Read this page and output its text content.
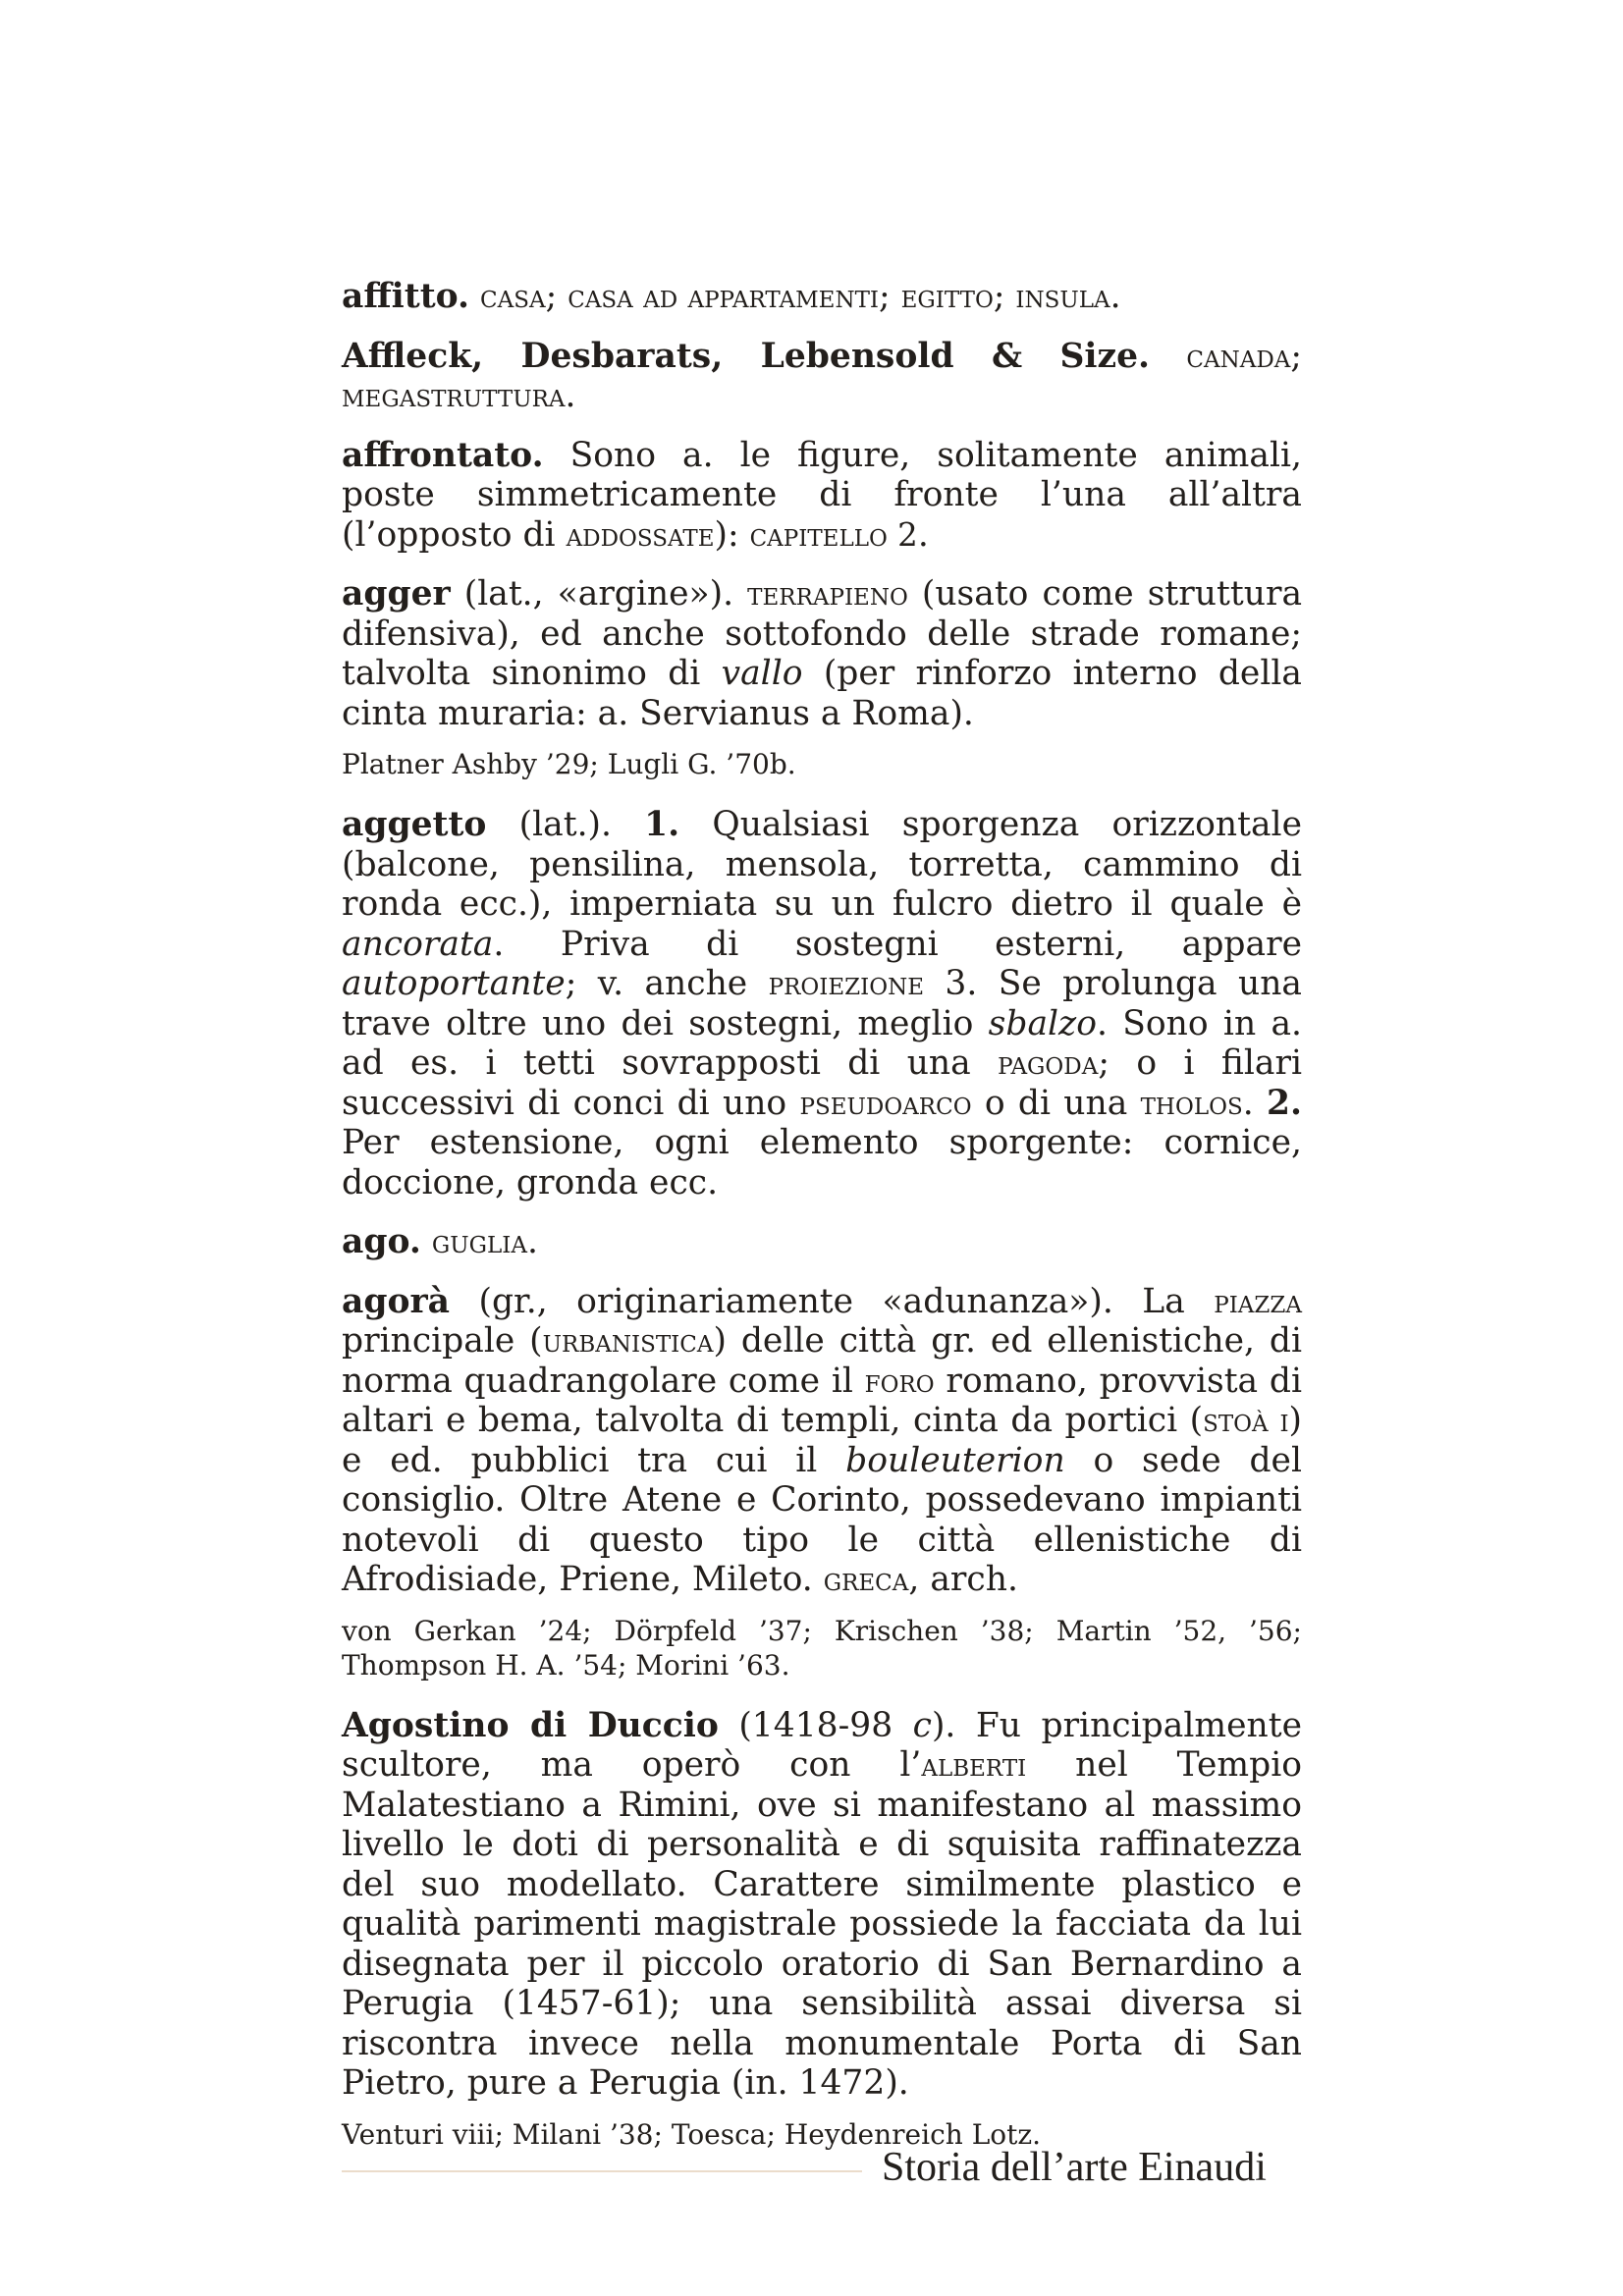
affitto. casa; casa ad appartamenti; egitto; insula.

Affleck, Desbarats, Lebensold & Size. canada; megastruttura.

affrontato. Sono a. le figure, solitamente animali, poste simmetricamente di fronte l’una all’altra (l’opposto di addossate): capitello 2.

agger (lat., «argine»). terrapieno (usato come struttura difensiva), ed anche sottofondo delle strade romane; talvolta sinonimo di vallo (per rinforzo interno della cinta muraria: a. Servianus a Roma).

Platner Ashby ’29; Lugli G. ’70b.

aggetto (lat.). 1. Qualsiasi sporgenza orizzontale (balcone, pensilina, mensola, torretta, cammino di ronda ecc.), imperniata su un fulcro dietro il quale è ancorata. Priva di sostegni esterni, appare autoportante; v. anche proiezione 3. Se prolunga una trave oltre uno dei sostegni, meglio sbalzo. Sono in a. ad es. i tetti sovrapposti di una pagoda; o i filari successivi di conci di uno pseudoarco o di una tholos. 2. Per estensione, ogni elemento sporgente: cornice, doccione, gronda ecc.

ago. guglia.

agorà (gr., originariamente «adunanza»). La piazza principale (urbanistica) delle città gr. ed ellenistiche, di norma quadrangolare come il foro romano, provvista di altari e bema, talvolta di templi, cinta da portici (stoà i) e ed. pubblici tra cui il bouleuterion o sede del consiglio. Oltre Atene e Corinto, possedevano impianti notevoli di questo tipo le città ellenistiche di Afrodisiade, Priene, Mileto. greca, arch.

von Gerkan ’24; Dörpfeld ’37; Krischen ’38; Martin ’52, ’56; Thompson H. A. ’54; Morini ’63.

Agostino di Duccio (1418-98 c). Fu principalmente scultore, ma operò con l’alberti nel Tempio Malatestiano a Rimini, ove si manifestano al massimo livello le doti di personalità e di squisita raffinatezza del suo modellato. Carattere similmente plastico e qualità parimenti magistrale possiede la facciata da lui disegnata per il piccolo oratorio di San Bernardino a Perugia (1457-61); una sensibilità assai diversa si riscontra invece nella monumentale Porta di San Pietro, pure a Perugia (in. 1472).

Venturi viii; Milani ’38; Toesca; Heydenreich Lotz.

Storia dell’arte Einaudi
